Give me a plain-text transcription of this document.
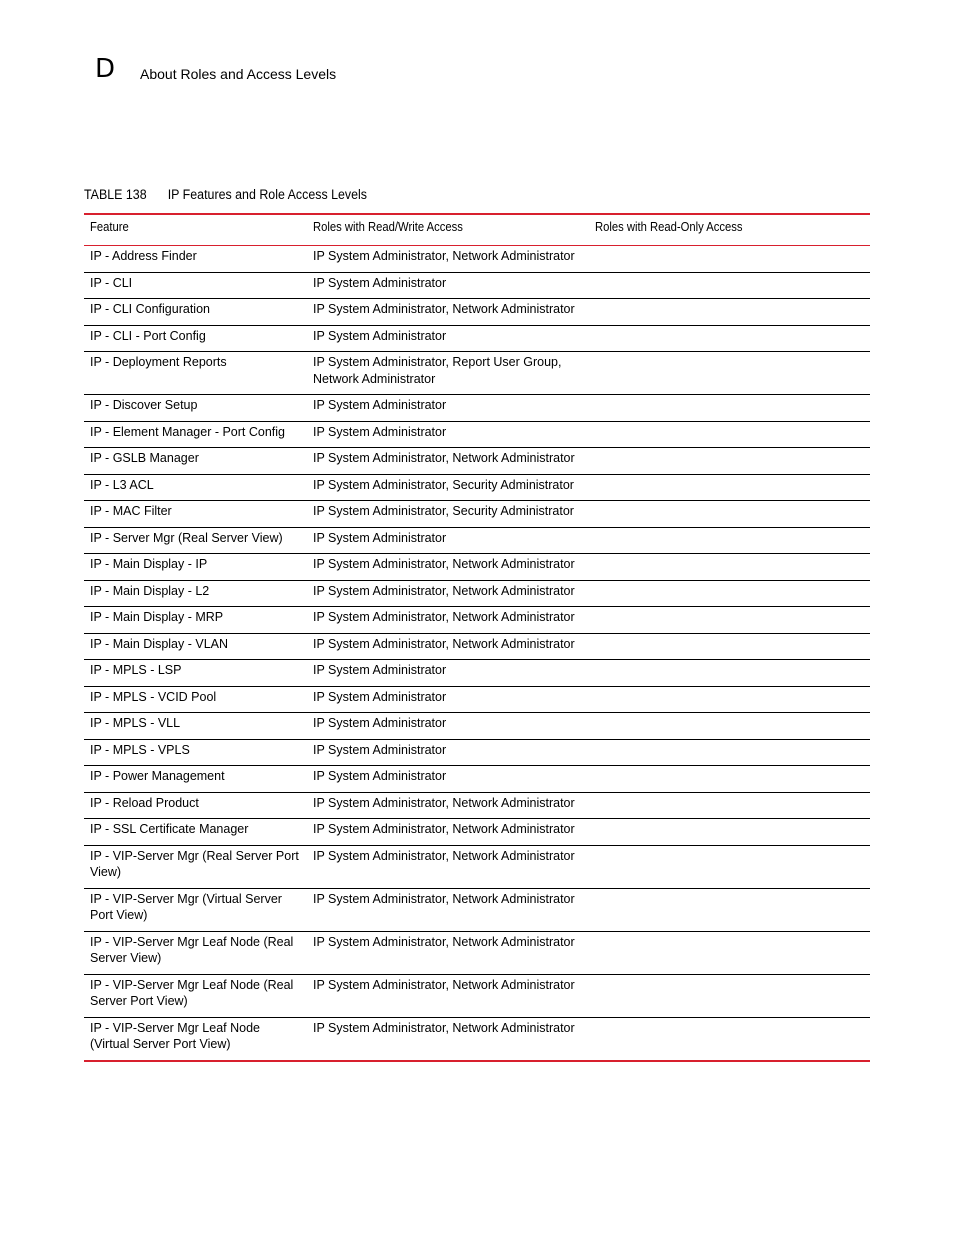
D About Roles and Access Levels
TABLE 138 IP Features and Role Access Levels
Feature	Roles with Read/Write Access	Roles with Read-Only Access
IP - Address Finder	IP System Administrator, Network Administrator	
IP - CLI	IP System Administrator	
IP - CLI Configuration	IP System Administrator, Network Administrator	
IP - CLI - Port Config	IP System Administrator	
IP - Deployment Reports	IP System Administrator, Report User Group, Network Administrator	
IP - Discover Setup	IP System Administrator	
IP - Element Manager - Port Config	IP System Administrator	
IP - GSLB Manager	IP System Administrator, Network Administrator	
IP - L3 ACL	IP System Administrator, Security Administrator	
IP - MAC Filter	IP System Administrator, Security Administrator	
IP - Server Mgr (Real Server View)	IP System Administrator	
IP - Main Display - IP	IP System Administrator, Network Administrator	
IP - Main Display - L2	IP System Administrator, Network Administrator	
IP - Main Display - MRP	IP System Administrator, Network Administrator	
IP - Main Display - VLAN	IP System Administrator, Network Administrator	
IP - MPLS - LSP	IP System Administrator	
IP - MPLS - VCID Pool	IP System Administrator	
IP - MPLS - VLL	IP System Administrator	
IP - MPLS - VPLS	IP System Administrator	
IP - Power Management	IP System Administrator	
IP - Reload Product	IP System Administrator, Network Administrator	
IP - SSL Certificate Manager	IP System Administrator, Network Administrator	
IP - VIP-Server Mgr (Real Server Port View)	IP System Administrator, Network Administrator	
IP - VIP-Server Mgr (Virtual Server Port View)	IP System Administrator, Network Administrator	
IP - VIP-Server Mgr Leaf Node (Real Server View)	IP System Administrator, Network Administrator	
IP - VIP-Server Mgr Leaf Node (Real Server Port View)	IP System Administrator, Network Administrator	
IP - VIP-Server Mgr Leaf Node (Virtual Server Port View)	IP System Administrator, Network Administrator	
